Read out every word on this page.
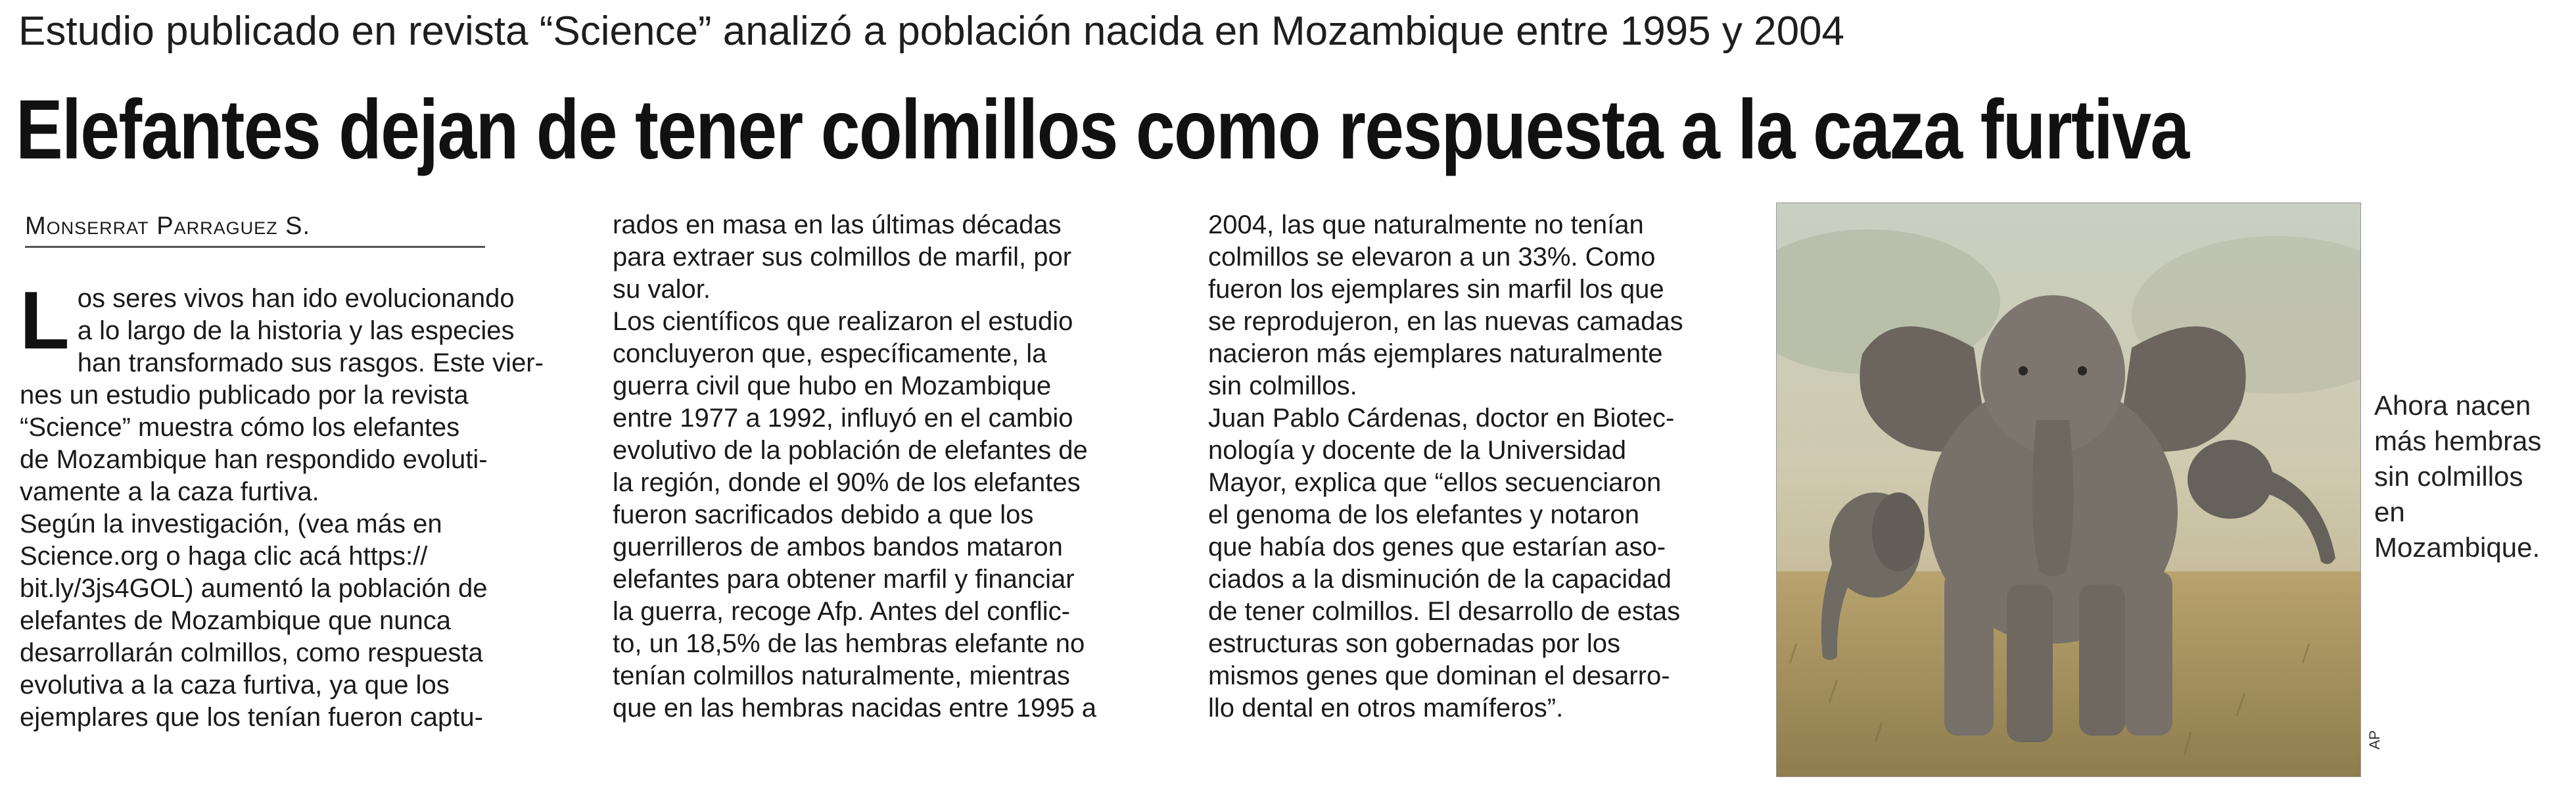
Estudio publicado en revista “Science” analizó a población nacida en Mozambique entre 1995 y 2004
Elefantes dejan de tener colmillos como respuesta a la caza furtiva
Monserrat Parraguez S.

Los seres vivos han ido evolucionando
a lo largo de la historia y las especies
han transformado sus rasgos. Este vier-
nes un estudio publicado por la revista
“Science” muestra cómo los elefantes
de Mozambique han respondido evoluti-
vamente a la caza furtiva.

Según la investigación, (vea más en
Science.org o haga clic acá https://
bit.ly/3js4GOL) aumentó la población de
elefantes de Mozambique que nunca
desarrollarán colmillos, como respuesta
evolutiva a la caza furtiva, ya que los
ejemplares que los tenían fueron captu-

rados en masa en las últimas décadas
para extraer sus colmillos de marfil, por
su valor.

Los científicos que realizaron el estudio
concluyeron que, específicamente, la
guerra civil que hubo en Mozambique
entre 1977 a 1992, influyó en el cambio
evolutivo de la población de elefantes de
la región, donde el 90% de los elefantes
fueron sacrificados debido a que los
guerrilleros de ambos bandos mataron
elefantes para obtener marfil y financiar
la guerra, recoge Afp. Antes del conflic-
to, un 18,5% de las hembras elefante no
tenían colmillos naturalmente, mientras
que en las hembras nacidas entre 1995 a

2004, las que naturalmente no tenían
colmillos se elevaron a un 33%. Como
fueron los ejemplares sin marfil los que
se reprodujeron, en las nuevas camadas
nacieron más ejemplares naturalmente
sin colmillos.

Juan Pablo Cárdenas, doctor en Biotec-
nología y docente de la Universidad
Mayor, explica que “ellos secuenciaron
el genoma de los elefantes y notaron
que había dos genes que estarían aso-
ciados a la disminución de la capacidad
de tener colmillos. El desarrollo de estas
estructuras son gobernadas por los
mismos genes que dominan el desarro-
llo dental en otros mamíferos”.

AP
Ahora nacen
más hembras
sin colmillos
en
Mozambique.
